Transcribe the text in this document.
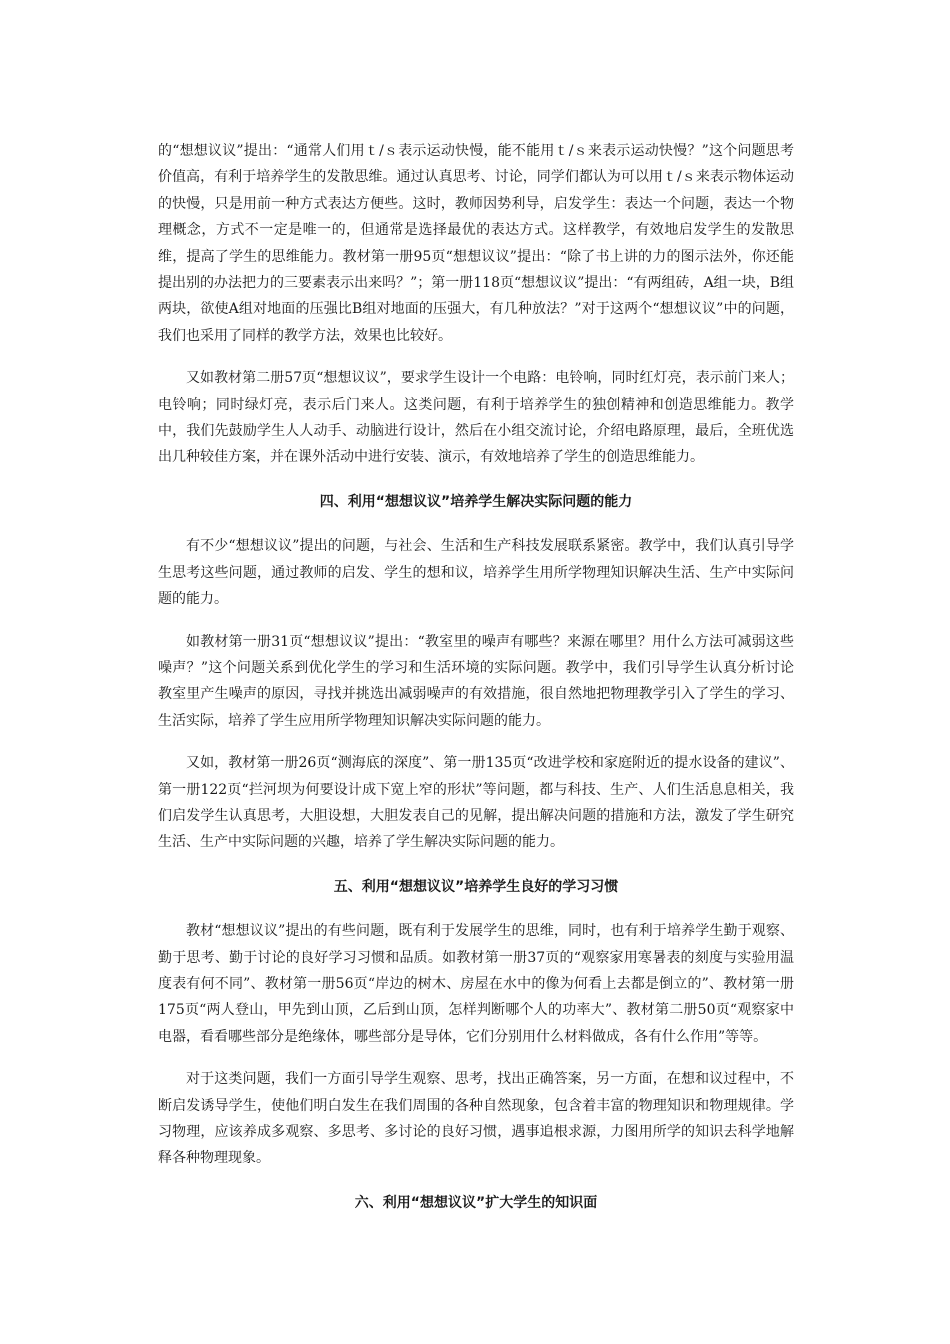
的“想想议议”提出：“通常人们用ｔ/ｓ表示运动快慢，能不能用ｔ/ｓ来表示运动快慢？”这个问题思考价值高，有利于培养学生的发散思维。通过认真思考、讨论，同学们都认为可以用ｔ/ｓ来表示物体运动的快慢，只是用前一种方式表达方便些。这时，教师因势利导，启发学生：表达一个问题，表达一个物理概念，方式不一定是唯一的，但通常是选择最优的表达方式。这样教学，有效地启发学生的发散思维，提高了学生的思维能力。教材第一册95页“想想议议”提出：“除了书上讲的力的图示法外，你还能提出别的办法把力的三要素表示出来吗？”；第一册118页“想想议议”提出：“有两组砖，A组一块，B组两块，欲使A组对地面的压强比B组对地面的压强大，有几种放法？”对于这两个“想想议议”中的问题，我们也采用了同样的教学方法，效果也比较好。

又如教材第二册57页“想想议议”，要求学生设计一个电路：电铃响，同时红灯亮，表示前门来人；电铃响；同时绿灯亮，表示后门来人。这类问题，有利于培养学生的独创精神和创造思维能力。教学中，我们先鼓励学生人人动手、动脑进行设计，然后在小组交流讨论，介绍电路原理，最后，全班优选出几种较佳方案，并在课外活动中进行安装、演示，有效地培养了学生的创造思维能力。

四、利用“想想议议”培养学生解决实际问题的能力

有不少“想想议议”提出的问题，与社会、生活和生产科技发展联系紧密。教学中，我们认真引导学生思考这些问题，通过教师的启发、学生的想和议，培养学生用所学物理知识解决生活、生产中实际问题的能力。

如教材第一册31页“想想议议”提出：“教室里的噪声有哪些？来源在哪里？用什么方法可减弱这些噪声？”这个问题关系到优化学生的学习和生活环境的实际问题。教学中，我们引导学生认真分析讨论教室里产生噪声的原因，寻找并挑选出减弱噪声的有效措施，很自然地把物理教学引入了学生的学习、生活实际，培养了学生应用所学物理知识解决实际问题的能力。

又如，教材第一册26页“测海底的深度”、第一册135页“改进学校和家庭附近的提水设备的建议”、第一册122页“拦河坝为何要设计成下宽上窄的形状”等问题，都与科技、生产、人们生活息息相关，我们启发学生认真思考，大胆设想，大胆发表自己的见解，提出解决问题的措施和方法，激发了学生研究生活、生产中实际问题的兴趣，培养了学生解决实际问题的能力。

五、利用“想想议议”培养学生良好的学习习惯

教材“想想议议”提出的有些问题，既有利于发展学生的思维，同时，也有利于培养学生勤于观察、勤于思考、勤于讨论的良好学习习惯和品质。如教材第一册37页的“观察家用寒暑表的刻度与实验用温度表有何不同”、教材第一册56页“岸边的树木、房屋在水中的像为何看上去都是倒立的”、教材第一册175页“两人登山，甲先到山顶，乙后到山顶，怎样判断哪个人的功率大”、教材第二册50页“观察家中电器，看看哪些部分是绝缘体，哪些部分是导体，它们分别用什么材料做成，各有什么作用”等等。

对于这类问题，我们一方面引导学生观察、思考，找出正确答案，另一方面，在想和议过程中，不断启发诱导学生，使他们明白发生在我们周围的各种自然现象，包含着丰富的物理知识和物理规律。学习物理，应该养成多观察、多思考、多讨论的良好习惯，遇事追根求源，力图用所学的知识去科学地解释各种物理现象。

六、利用“想想议议”扩大学生的知识面
